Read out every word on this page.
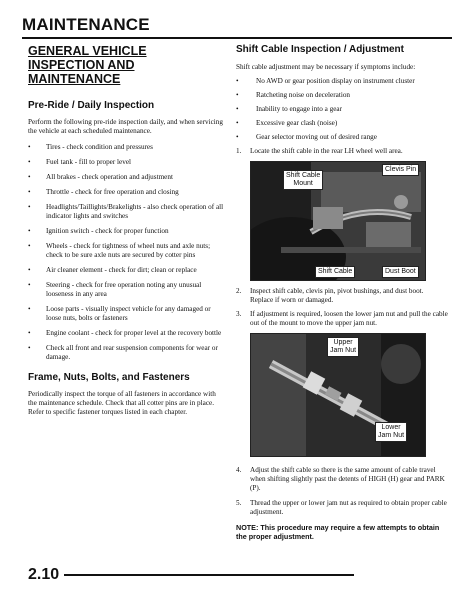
MAINTENANCE
GENERAL VEHICLE INSPECTION AND MAINTENANCE
Pre-Ride / Daily Inspection
Perform the following pre-ride inspection daily, and when servicing the vehicle at each scheduled maintenance.
• Tires - check condition and pressures
• Fuel tank - fill to proper level
• All brakes - check operation and adjustment
• Throttle - check for free operation and closing
• Headlights/Taillights/Brakelights - also check operation of all indicator lights and switches
• Ignition switch - check for proper function
• Wheels - check for tightness of wheel nuts and axle nuts; check to be sure axle nuts are secured by cotter pins
• Air cleaner element - check for dirt; clean or replace
• Steering - check for free operation noting any unusual looseness in any area
• Loose parts - visually inspect vehicle for any damaged or loose nuts, bolts or fasteners
• Engine coolant - check for proper level at the recovery bottle
• Check all front and rear suspension components for wear or damage.
Frame, Nuts, Bolts, and Fasteners
Periodically inspect the torque of all fasteners in accordance with the maintenance schedule. Check that all cotter pins are in place. Refer to specific fastener torques listed in each chapter.
Shift Cable Inspection / Adjustment
Shift cable adjustment may be necessary if symptoms include:
• No AWD or gear position display on instrument cluster
• Ratcheting noise on deceleration
• Inability to engage into a gear
• Excessive gear clash (noise)
• Gear selector moving out of desired range
1. Locate the shift cable in the rear LH wheel well area.
Clevis Pin
Shift Cable
Mount
Shift Cable	Dust Boot
2. Inspect shift cable, clevis pin, pivot bushings, and dust boot. Replace if worn or damaged.
3. If adjustment is required, loosen the lower jam nut and pull the cable out of the mount to move the upper jam nut.
Upper
Jam Nut
Lower
Jam Nut
4. Adjust the shift cable so there is the same amount of cable travel when shifting slightly past the detents of HIGH (H) gear and PARK (P).
5. Thread the upper or lower jam nut as required to obtain proper cable adjustment.
NOTE: This procedure may require a few attempts to obtain the proper adjustment.
2.10
